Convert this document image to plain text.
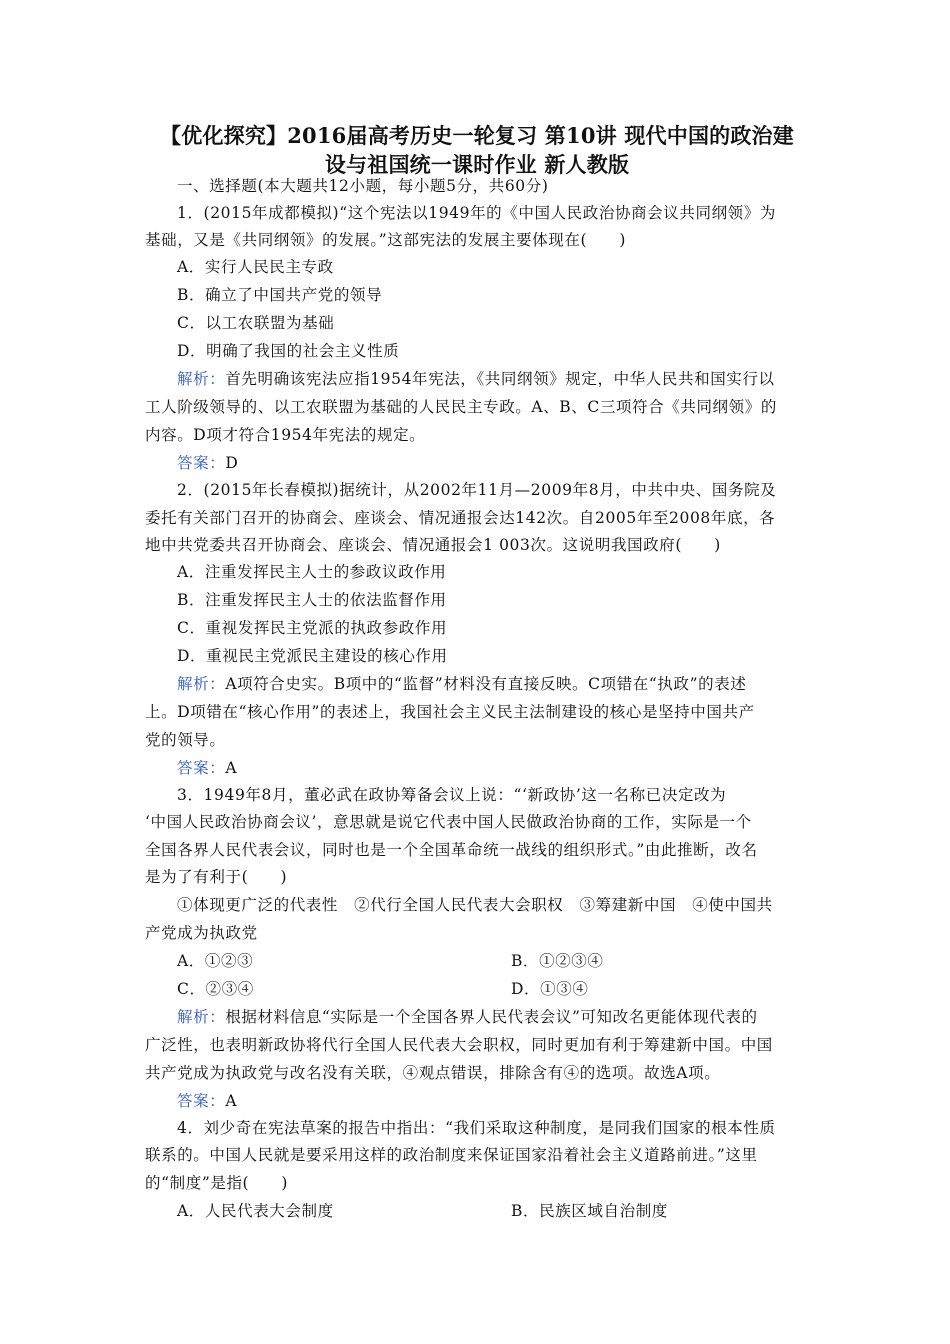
【优化探究】2016届高考历史一轮复习 第10讲 现代中国的政治建
设与祖国统一课时作业 新人教版
一、选择题(本大题共12小题，每小题5分，共60分)
1．(2015年成都模拟)“这个宪法以1949年的《中国人民政治协商会议共同纲领》为
基础，又是《共同纲领》的发展。”这部宪法的发展主要体现在(　　)
A．实行人民民主专政
B．确立了中国共产党的领导
C．以工农联盟为基础
D．明确了我国的社会主义性质
解析：首先明确该宪法应指1954年宪法，《共同纲领》规定，中华人民共和国实行以
工人阶级领导的、以工农联盟为基础的人民民主专政。A、B、C三项符合《共同纲领》的
内容。D项才符合1954年宪法的规定。
答案：D
2．(2015年长春模拟)据统计，从2002年11月—2009年8月，中共中央、国务院及
委托有关部门召开的协商会、座谈会、情况通报会达142次。自2005年至2008年底，各
地中共党委共召开协商会、座谈会、情况通报会1 003次。这说明我国政府(　　)
A．注重发挥民主人士的参政议政作用
B．注重发挥民主人士的依法监督作用
C．重视发挥民主党派的执政参政作用
D．重视民主党派民主建设的核心作用
解析：A项符合史实。B项中的“监督”材料没有直接反映。C项错在“执政”的表述
上。D项错在“核心作用”的表述上，我国社会主义民主法制建设的核心是坚持中国共产
党的领导。
答案：A
3．1949年8月，董必武在政协筹备会议上说：“‘新政协’这一名称已决定改为
‘中国人民政治协商会议’，意思就是说它代表中国人民做政治协商的工作，实际是一个
全国各界人民代表会议，同时也是一个全国革命统一战线的组织形式。”由此推断，改名
是为了有利于(　　)
①体现更广泛的代表性　②代行全国人民代表大会职权　③筹建新中国　④使中国共
产党成为执政党
A．①②③	B．①②③④
C．②③④	D．①③④
解析：根据材料信息“实际是一个全国各界人民代表会议”可知改名更能体现代表的
广泛性，也表明新政协将代行全国人民代表大会职权，同时更加有利于筹建新中国。中国
共产党成为执政党与改名没有关联，④观点错误，排除含有④的选项。故选A项。
答案：A
4．刘少奇在宪法草案的报告中指出：“我们采取这种制度，是同我们国家的根本性质
联系的。中国人民就是要采用这样的政治制度来保证国家沿着社会主义道路前进。”这里
的“制度”是指(　　)
A．人民代表大会制度	B．民族区域自治制度
